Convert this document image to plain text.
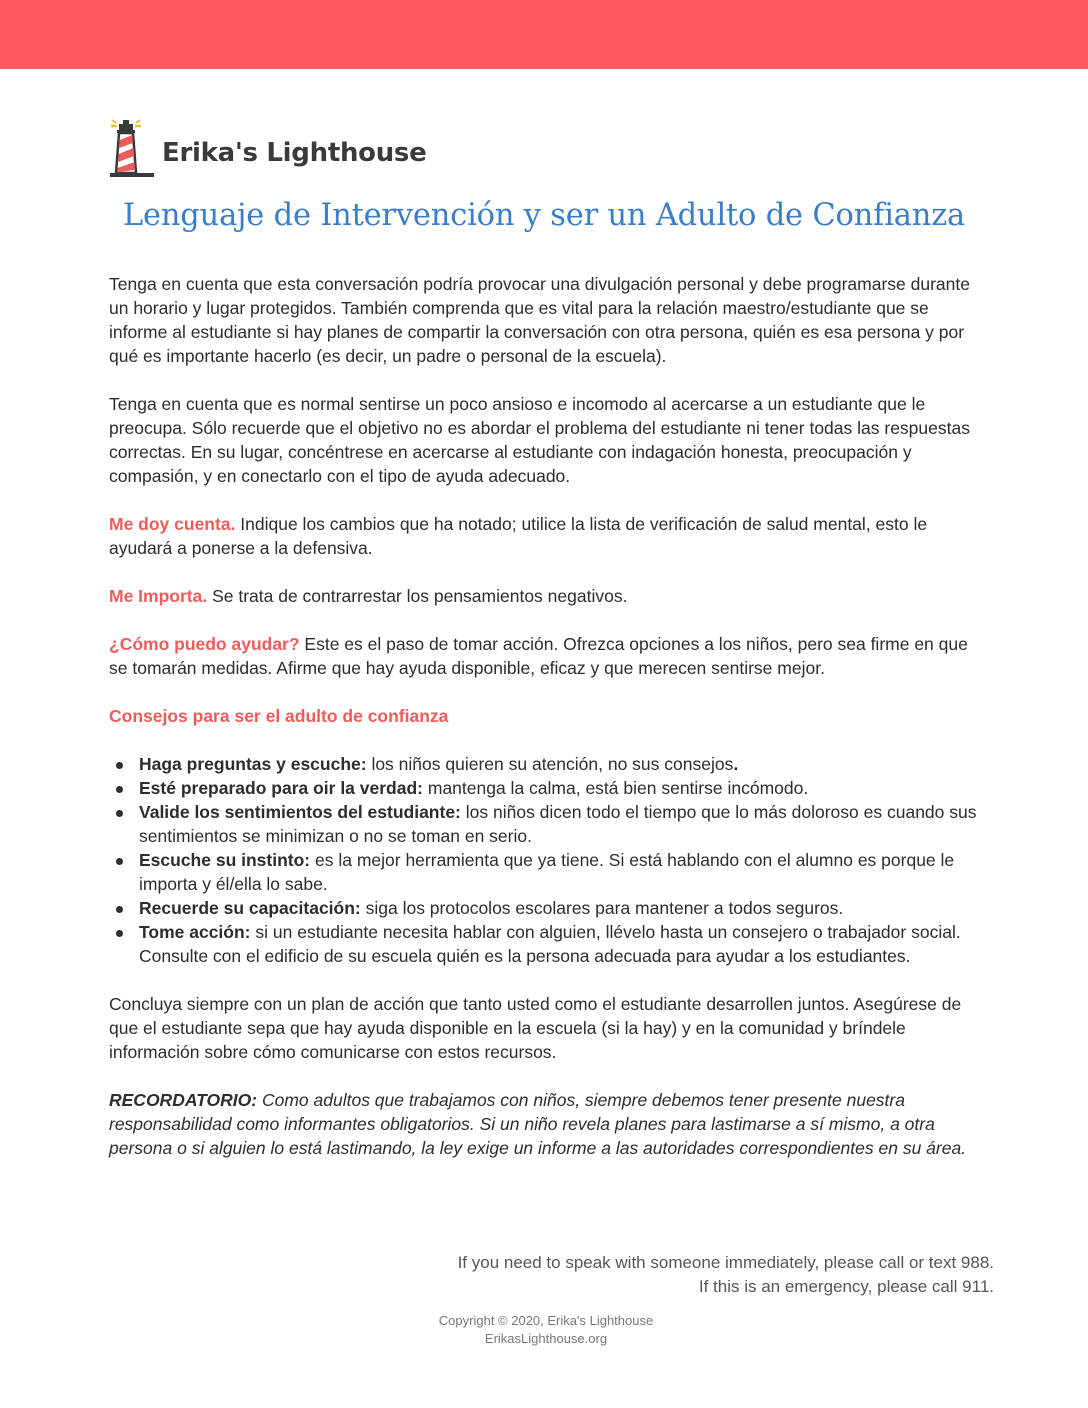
Erika's Lighthouse
Lenguaje de Intervención y ser un Adulto de Confianza

Tenga en cuenta que esta conversación podría provocar una divulgación personal y debe programarse durante un horario y lugar protegidos. También comprenda que es vital para la relación maestro/estudiante que se informe al estudiante si hay planes de compartir la conversación con otra persona, quién es esa persona y por qué es importante hacerlo (es decir, un padre o personal de la escuela).

Tenga en cuenta que es normal sentirse un poco ansioso e incomodo al acercarse a un estudiante que le preocupa. Sólo recuerde que el objetivo no es abordar el problema del estudiante ni tener todas las respuestas correctas. En su lugar, concéntrese en acercarse al estudiante con indagación honesta, preocupación y compasión, y en conectarlo con el tipo de ayuda adecuado.

Me doy cuenta. Indique los cambios que ha notado; utilice la lista de verificación de salud mental, esto le ayudará a ponerse a la defensiva.

Me Importa. Se trata de contrarrestar los pensamientos negativos.

¿Cómo puedo ayudar? Este es el paso de tomar acción. Ofrezca opciones a los niños, pero sea firme en que se tomarán medidas. Afirme que hay ayuda disponible, eficaz y que merecen sentirse mejor.

Consejos para ser el adulto de confianza

Haga preguntas y escuche: los niños quieren su atención, no sus consejos.
Esté preparado para oir la verdad: mantenga la calma, está bien sentirse incómodo.
Valide los sentimientos del estudiante: los niños dicen todo el tiempo que lo más doloroso es cuando sus sentimientos se minimizan o no se toman en serio.
Escuche su instinto: es la mejor herramienta que ya tiene. Si está hablando con el alumno es porque le importa y él/ella lo sabe.
Recuerde su capacitación: siga los protocolos escolares para mantener a todos seguros.
Tome acción: si un estudiante necesita hablar con alguien, llévelo hasta un consejero o trabajador social. Consulte con el edificio de su escuela quién es la persona adecuada para ayudar a los estudiantes.

Concluya siempre con un plan de acción que tanto usted como el estudiante desarrollen juntos. Asegúrese de que el estudiante sepa que hay ayuda disponible en la escuela (si la hay) y en la comunidad y bríndele información sobre cómo comunicarse con estos recursos.

RECORDATORIO: Como adultos que trabajamos con niños, siempre debemos tener presente nuestra responsabilidad como informantes obligatorios. Si un niño revela planes para lastimarse a sí mismo, a otra persona o si alguien lo está lastimando, la ley exige un informe a las autoridades correspondientes en su área.

If you need to speak with someone immediately, please call or text 988.
If this is an emergency, please call 911.
Copyright © 2020, Erika's Lighthouse
ErikasLighthouse.org
